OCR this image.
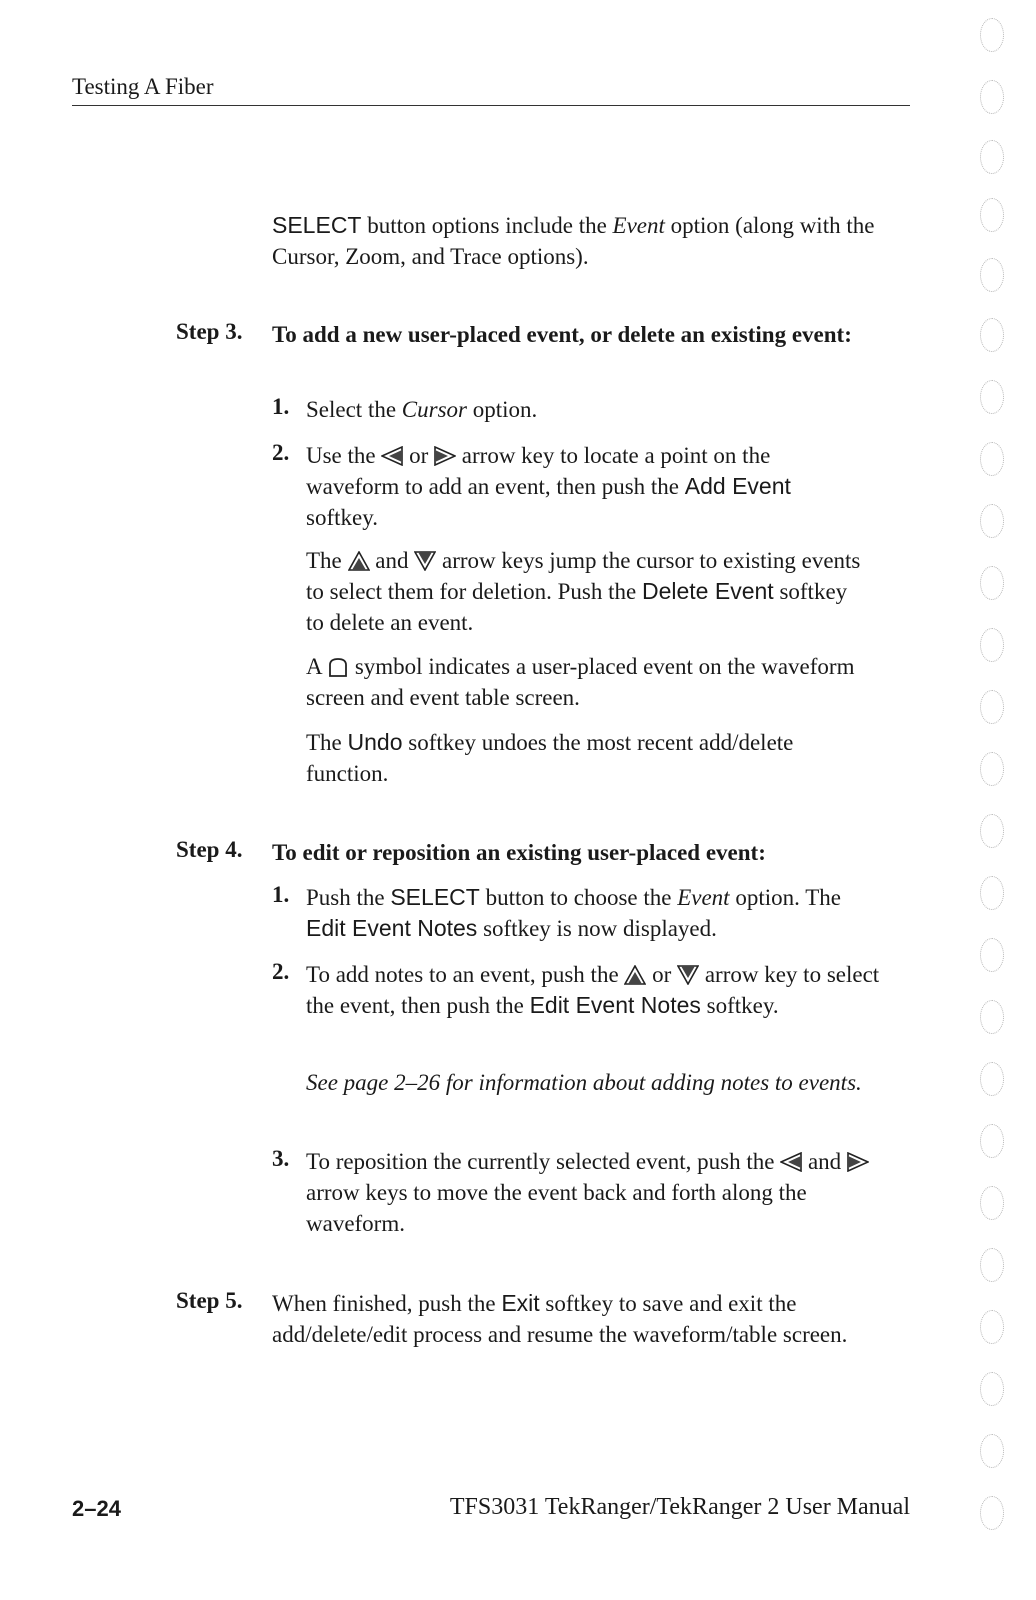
Testing A Fiber
SELECT button options include the Event option (along with the Cursor, Zoom, and Trace options).
Step 3. To add a new user-placed event, or delete an existing event:
1. Select the Cursor option.
2. Use the
or
arrow key to locate a point on the waveform to add an event, then push the Add Event softkey.
The
and
arrow keys jump the cursor to existing events to select them for deletion. Push the Delete Event softkey to delete an event.
A
symbol indicates a user-placed event on the waveform screen and event table screen.
The Undo softkey undoes the most recent add/delete function.
Step 4. To edit or reposition an existing user-placed event:
1. Push the SELECT button to choose the Event option. The Edit Event Notes softkey is now displayed.
2. To add notes to an event, push the
or
arrow key to select the event, then push the Edit Event Notes softkey.
See page 2–26 for information about adding notes to events.
3. To reposition the currently selected event, push the
and
arrow keys to move the event back and forth along the waveform.
Step 5. When finished, push the Exit softkey to save and exit the add/delete/edit process and resume the waveform/table screen.
2–24	TFS3031 TekRanger/TekRanger 2 User Manual
